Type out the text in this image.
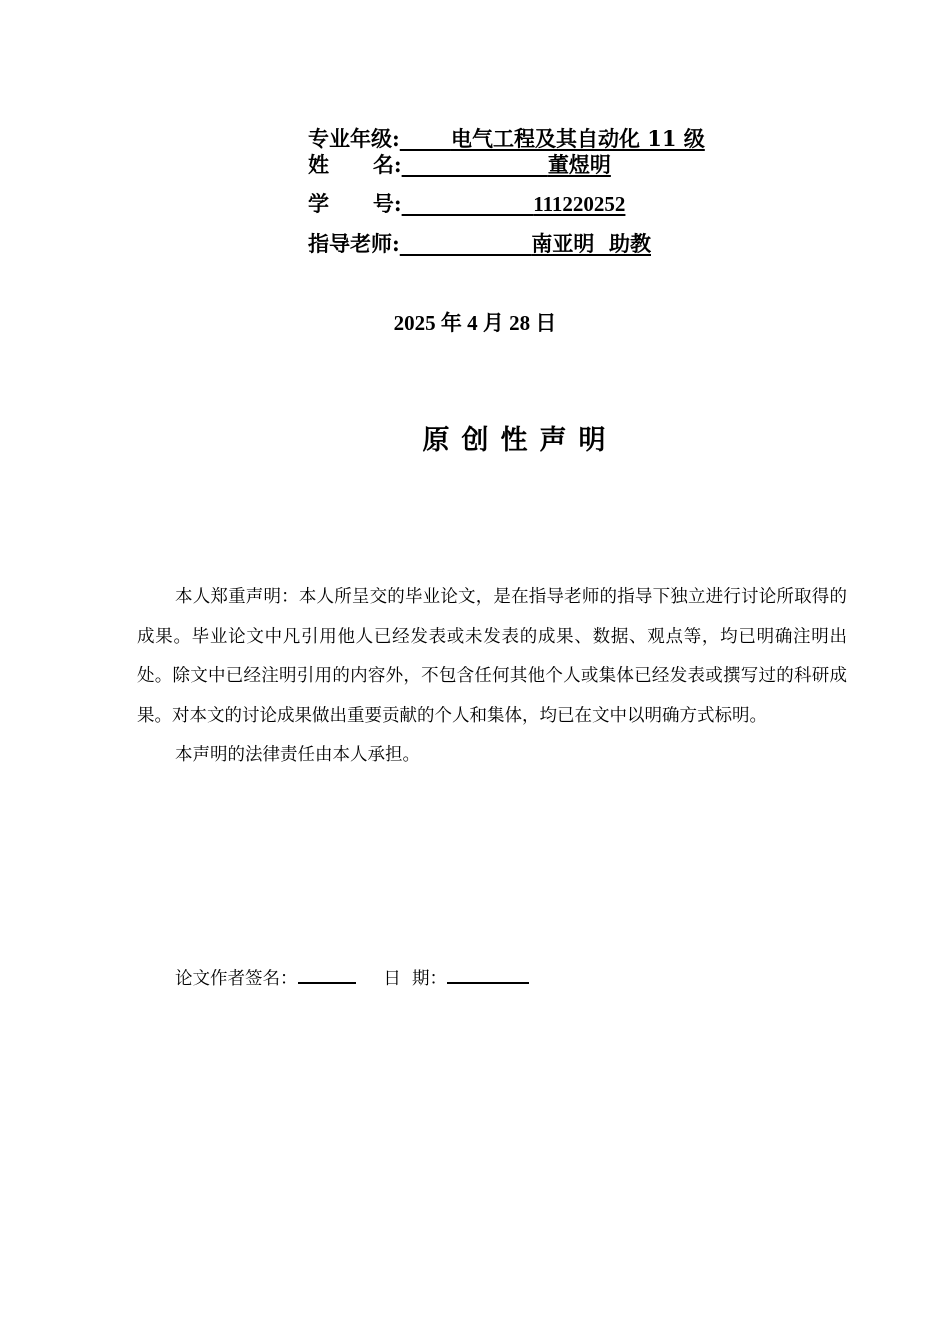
专业年级: 电气工程及其自动化 11 级
姓      名:	董煜明
学      号:	111220252
指导老师:	南亚明  助教
2025 年 4 月 28 日
原创性声明

本人郑重声明：本人所呈交的毕业论文，是在指导老师的指导下独立进行讨论所取得的成果。毕业论文中凡引用他人已经发表或未发表的成果、数据、观点等，均已明确注明出处。除文中已经注明引用的内容外，不包含任何其他个人或集体已经发表或撰写过的科研成果。对本文的讨论成果做出重要贡献的个人和集体，均已在文中以明确方式标明。

本声明的法律责任由本人承担。

论文作者签名：	日  期：
